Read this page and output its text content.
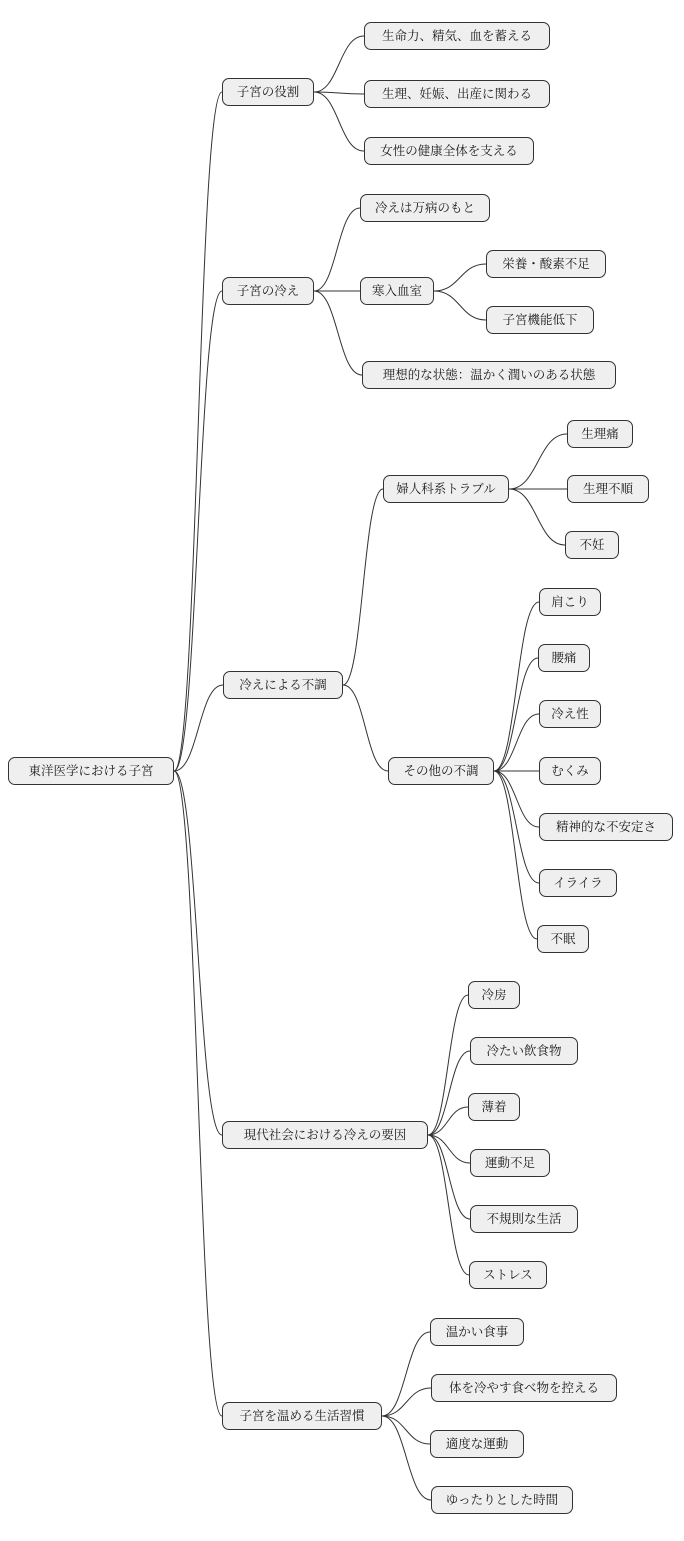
東洋医学における子宮
子宮の役割
生命力、精気、血を蓄える
生理、妊娠、出産に関わる
女性の健康全体を支える
子宮の冷え
冷えは万病のもと
寒入血室
栄養・酸素不足
子宮機能低下
理想的な状態：温かく潤いのある状態
冷えによる不調
婦人科系トラブル
生理痛
生理不順
不妊
その他の不調
肩こり
腰痛
冷え性
むくみ
精神的な不安定さ
イライラ
不眠
現代社会における冷えの要因
冷房
冷たい飲食物
薄着
運動不足
不規則な生活
ストレス
子宮を温める生活習慣
温かい食事
体を冷やす食べ物を控える
適度な運動
ゆったりとした時間
